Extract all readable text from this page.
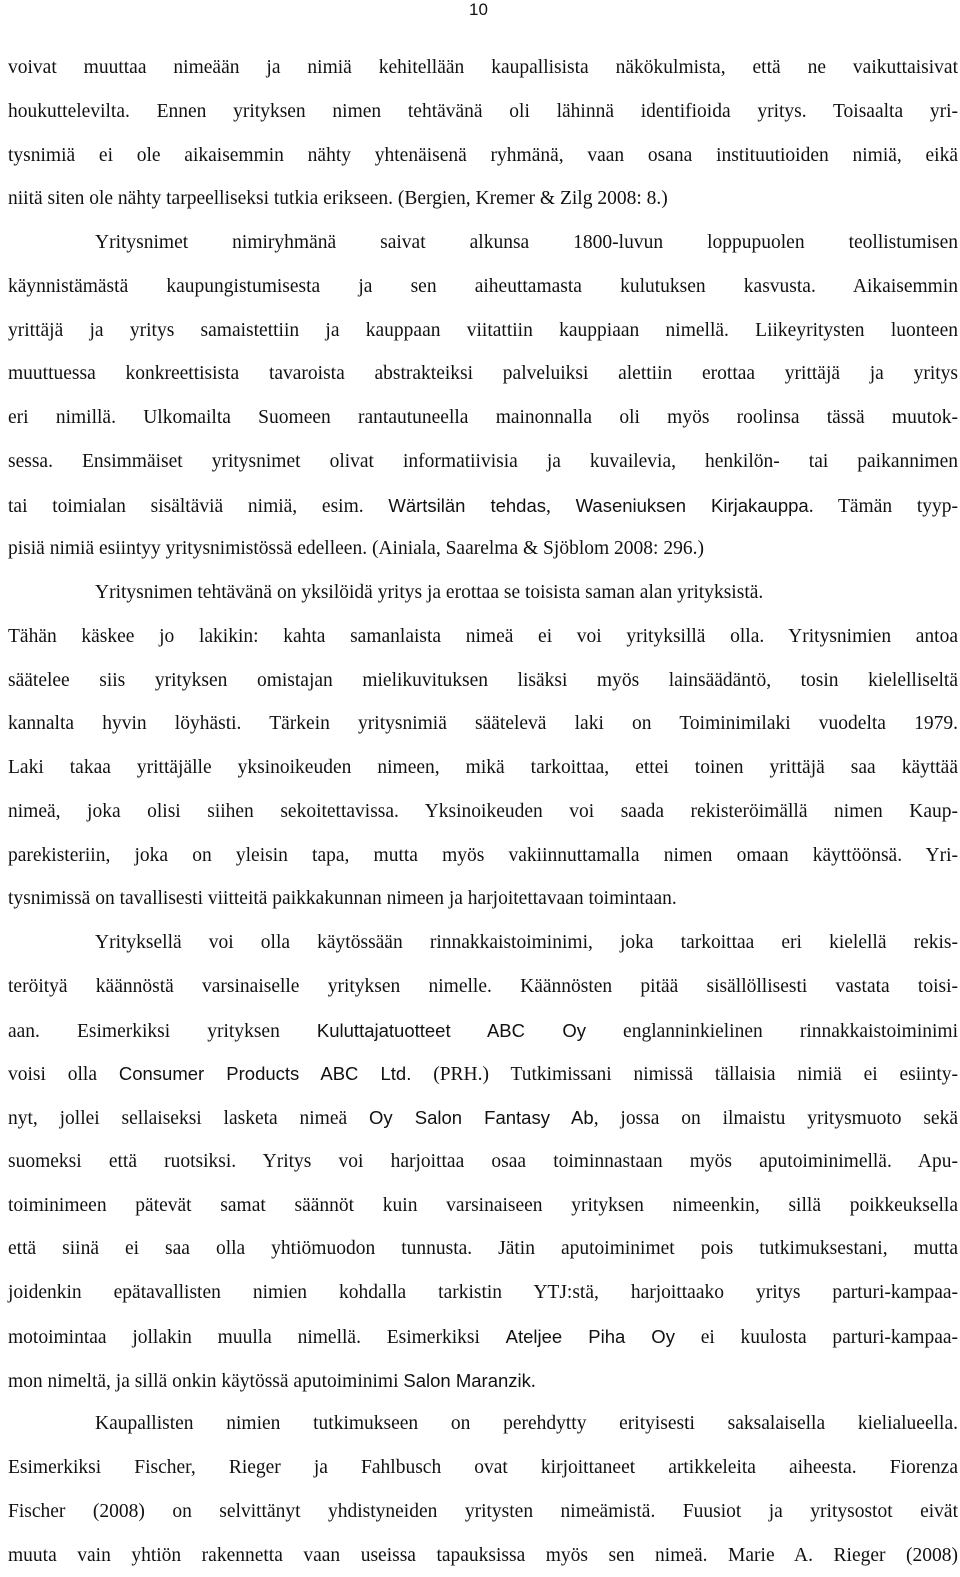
10
voivat muuttaa nimeään ja nimiä kehitellään kaupallisista näkökulmista, että ne vaikuttaisivat
houkuttelevilta. Ennen yrityksen nimen tehtävänä oli lähinnä identifioida yritys. Toisaalta yri-
tysnimiä ei ole aikaisemmin nähty yhtenäisenä ryhmänä, vaan osana instituutioiden nimiä, eikä
niitä siten ole nähty tarpeelliseksi tutkia erikseen. (Bergien, Kremer & Zilg 2008: 8.)
Yritysnimet nimiryhmänä saivat alkunsa 1800-luvun loppupuolen teollistumisen
käynnistämästä kaupungistumisesta ja sen aiheuttamasta kulutuksen kasvusta. Aikaisemmin
yrittäjä ja yritys samaistettiin ja kauppaan viitattiin kauppiaan nimellä. Liikeyritysten luonteen
muuttuessa konkreettisista tavaroista abstrakteiksi palveluiksi alettiin erottaa yrittäjä ja yritys
eri nimillä. Ulkomailta Suomeen rantautuneella mainonnalla oli myös roolinsa tässä muutok-
sessa. Ensimmäiset yritysnimet olivat informatiivisia ja kuvailevia, henkilön- tai paikannimen
tai toimialan sisältäviä nimiä, esim. Wärtsilän tehdas, Waseniuksen Kirjakauppa. Tämän tyyp-
pisiä nimiä esiintyy yritysnimistössä edelleen. (Ainiala, Saarelma & Sjöblom 2008: 296.)
Yritysnimen tehtävänä on yksilöidä yritys ja erottaa se toisista saman alan yrityksistä.
Tähän käskee jo lakikin: kahta samanlaista nimeä ei voi yrityksillä olla. Yritysnimien antoa
säätelee siis yrityksen omistajan mielikuvituksen lisäksi myös lainsäädäntö, tosin kielelliseltä
kannalta hyvin löyhästi. Tärkein yritysnimiä säätelevä laki on Toiminimilaki vuodelta 1979.
Laki takaa yrittäjälle yksinoikeuden nimeen, mikä tarkoittaa, ettei toinen yrittäjä saa käyttää
nimeä, joka olisi siihen sekoitettavissa. Yksinoikeuden voi saada rekisteröimällä nimen Kaup-
parekisteriin, joka on yleisin tapa, mutta myös vakiinnuttamalla nimen omaan käyttöönsä. Yri-
tysnimissä on tavallisesti viitteitä paikkakunnan nimeen ja harjoitettavaan toimintaan.
Yrityksellä voi olla käytössään rinnakkaistoiminimi, joka tarkoittaa eri kielellä rekis-
teröityä käännöstä varsinaiselle yrityksen nimelle. Käännösten pitää sisällöllisesti vastata toisi-
aan. Esimerkiksi yrityksen Kuluttajatuotteet ABC Oy englanninkielinen rinnakkaistoiminimi
voisi olla Consumer Products ABC Ltd. (PRH.) Tutkimissani nimissä tällaisia nimiä ei esiinty-
nyt, jollei sellaiseksi lasketa nimeä Oy Salon Fantasy Ab, jossa on ilmaistu yritysmuoto sekä
suomeksi että ruotsiksi. Yritys voi harjoittaa osaa toiminnastaan myös aputoiminimellä. Apu-
toiminimeen pätevät samat säännöt kuin varsinaiseen yrityksen nimeenkin, sillä poikkeuksella
että siinä ei saa olla yhtiömuodon tunnusta. Jätin aputoiminimet pois tutkimuksestani, mutta
joidenkin epätavallisten nimien kohdalla tarkistin YTJ:stä, harjoittaako yritys parturi-kampaa-
motoimintaa jollakin muulla nimellä. Esimerkiksi Ateljee Piha Oy ei kuulosta parturi-kampaa-
mon nimeltä, ja sillä onkin käytössä aputoiminimi Salon Maranzik.
Kaupallisten nimien tutkimukseen on perehdytty erityisesti saksalaisella kielialueella.
Esimerkiksi Fischer, Rieger ja Fahlbusch ovat kirjoittaneet artikkeleita aiheesta. Fiorenza
Fischer (2008) on selvittänyt yhdistyneiden yritysten nimeämistä. Fuusiot ja yritysostot eivät
muuta vain yhtiön rakennetta vaan useissa tapauksissa myös sen nimeä. Marie A. Rieger (2008)
